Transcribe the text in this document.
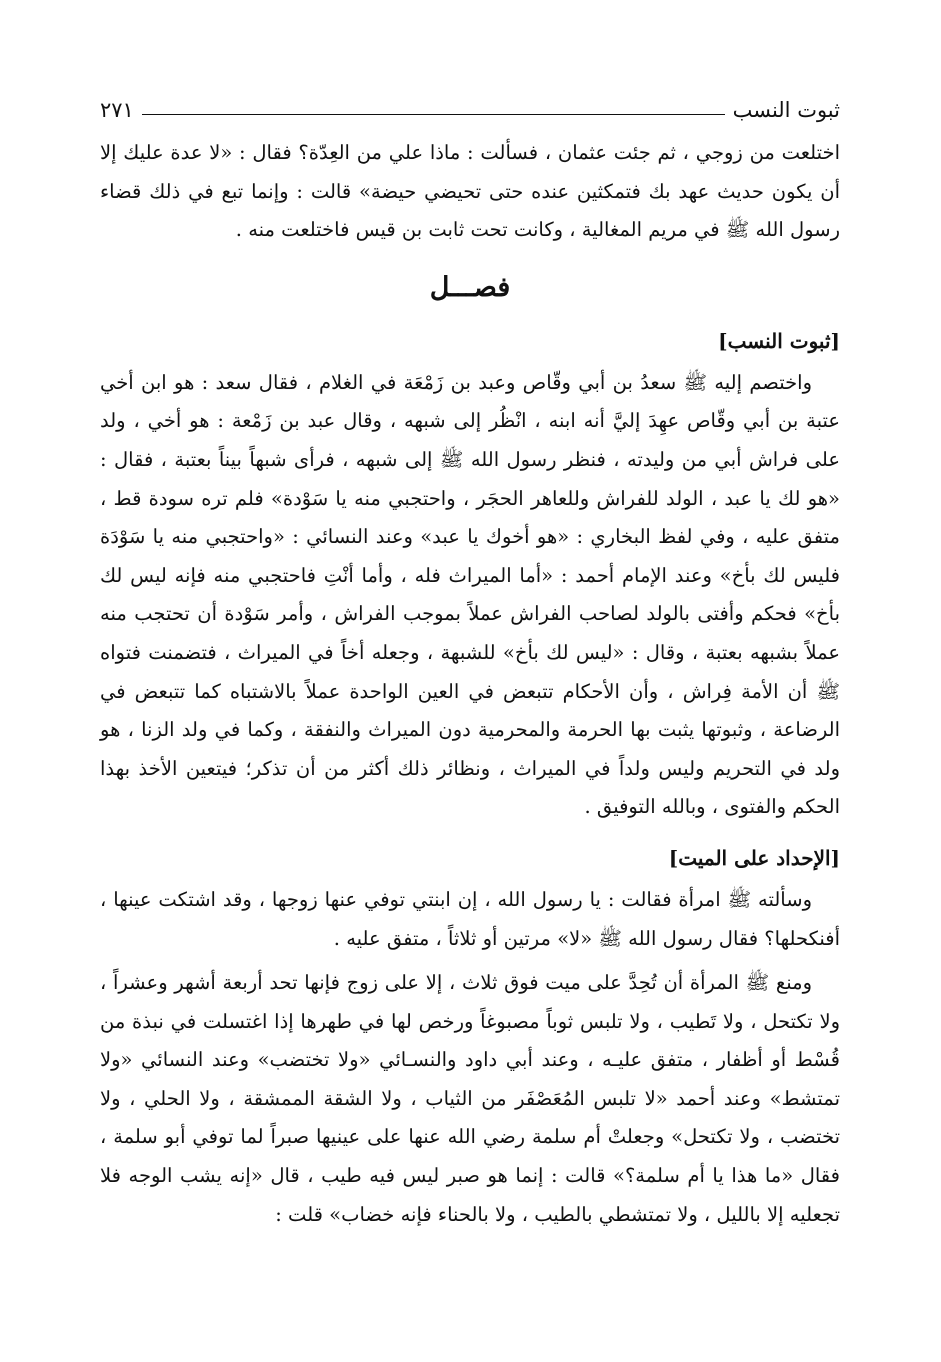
ثبوت النسب
٢٧١

اختلعت من زوجي ، ثم جئت عثمان ، فسألت : ماذا علي من العِدّة؟ فقال : «لا عدة عليك إلا أن يكون حديث عهد بك فتمكثين عنده حتى تحيضي حيضة» قالت : وإنما تبع في ذلك قضاء رسول الله ﷺ في مريم المغالية ، وكانت تحت ثابت بن قيس فاختلعت منه .

فصـــل
[ثبوت النسب]

واختصم إليه ﷺ سعدُ بن أبي وقّاص وعبد بن زَمْعَة في الغلام ، فقال سعد : هو ابن أخي عتبة بن أبي وقّاص عهِدَ إليَّ أنه ابنه ، انْظُر إلى شبهه ، وقال عبد بن زَمْعة : هو أخي ، ولد على فراش أبي من وليدته ، فنظر رسول الله ﷺ إلى شبهه ، فرأى شبهاً بيناً بعتبة ، فقال : «هو لك يا عبد ، الولد للفراش وللعاهر الحجَر ، واحتجبي منه يا سَوْدة» فلم تره سودة قط ، متفق عليه ، وفي لفظ البخاري : «هو أخوك يا عبد» وعند النسائي : «واحتجبي منه يا سَوْدَة فليس لك بأخ» وعند الإمام أحمد : «أما الميراث فله ، وأما أنْتِ فاحتجبي منه فإنه ليس لك بأخ» فحكم وأفتى بالولد لصاحب الفراش عملاً بموجب الفراش ، وأمر سَوْدة أن تحتجب منه عملاً بشبهه بعتبة ، وقال : «ليس لك بأخ» للشبهة ، وجعله أخاً في الميراث ، فتضمنت فتواه ﷺ أن الأمة فِراش ، وأن الأحكام تتبعض في العين الواحدة عملاً بالاشتباه كما تتبعض في الرضاعة ، وثبوتها يثبت بها الحرمة والمحرمية دون الميراث والنفقة ، وكما في ولد الزنا ، هو ولد في التحريم وليس ولداً في الميراث ، ونظائر ذلك أكثر من أن تذكر؛ فيتعين الأخذ بهذا الحكم والفتوى ، وبالله التوفيق .

[الإحداد على الميت]

وسألته ﷺ امرأة فقالت : يا رسول الله ، إن ابنتي توفي عنها زوجها ، وقد اشتكت عينها ، أفنكحلها؟ فقال رسول الله ﷺ «لا» مرتين أو ثلاثاً ، متفق عليه .

ومنع ﷺ المرأة أن تُحِدَّ على ميت فوق ثلاث ، إلا على زوج فإنها تحد أربعة أشهر وعشراً ، ولا تكتحل ، ولا تَطيب ، ولا تلبس ثوباً مصبوغاً ورخص لها في طهرها إذا اغتسلت في نبذة من قُسْط أو أظفار ، متفق عليـه ، وعند أبي داود والنسـائي «ولا تختضب» وعند النسائي «ولا تمتشط» وعند أحمد «لا تلبس المُعَصْفَر من الثياب ، ولا الشقة الممشقة ، ولا الحلي ، ولا تختضب ، ولا تكتحل» وجعلتْ أم سلمة رضي الله عنها على عينيها صبراً لما توفي أبو سلمة ، فقال «ما هذا يا أم سلمة؟» قالت : إنما هو صبر ليس فيه طيب ، قال «إنه يشب الوجه فلا تجعليه إلا بالليل ، ولا تمتشطي بالطيب ، ولا بالحناء فإنه خضاب» قلت :
